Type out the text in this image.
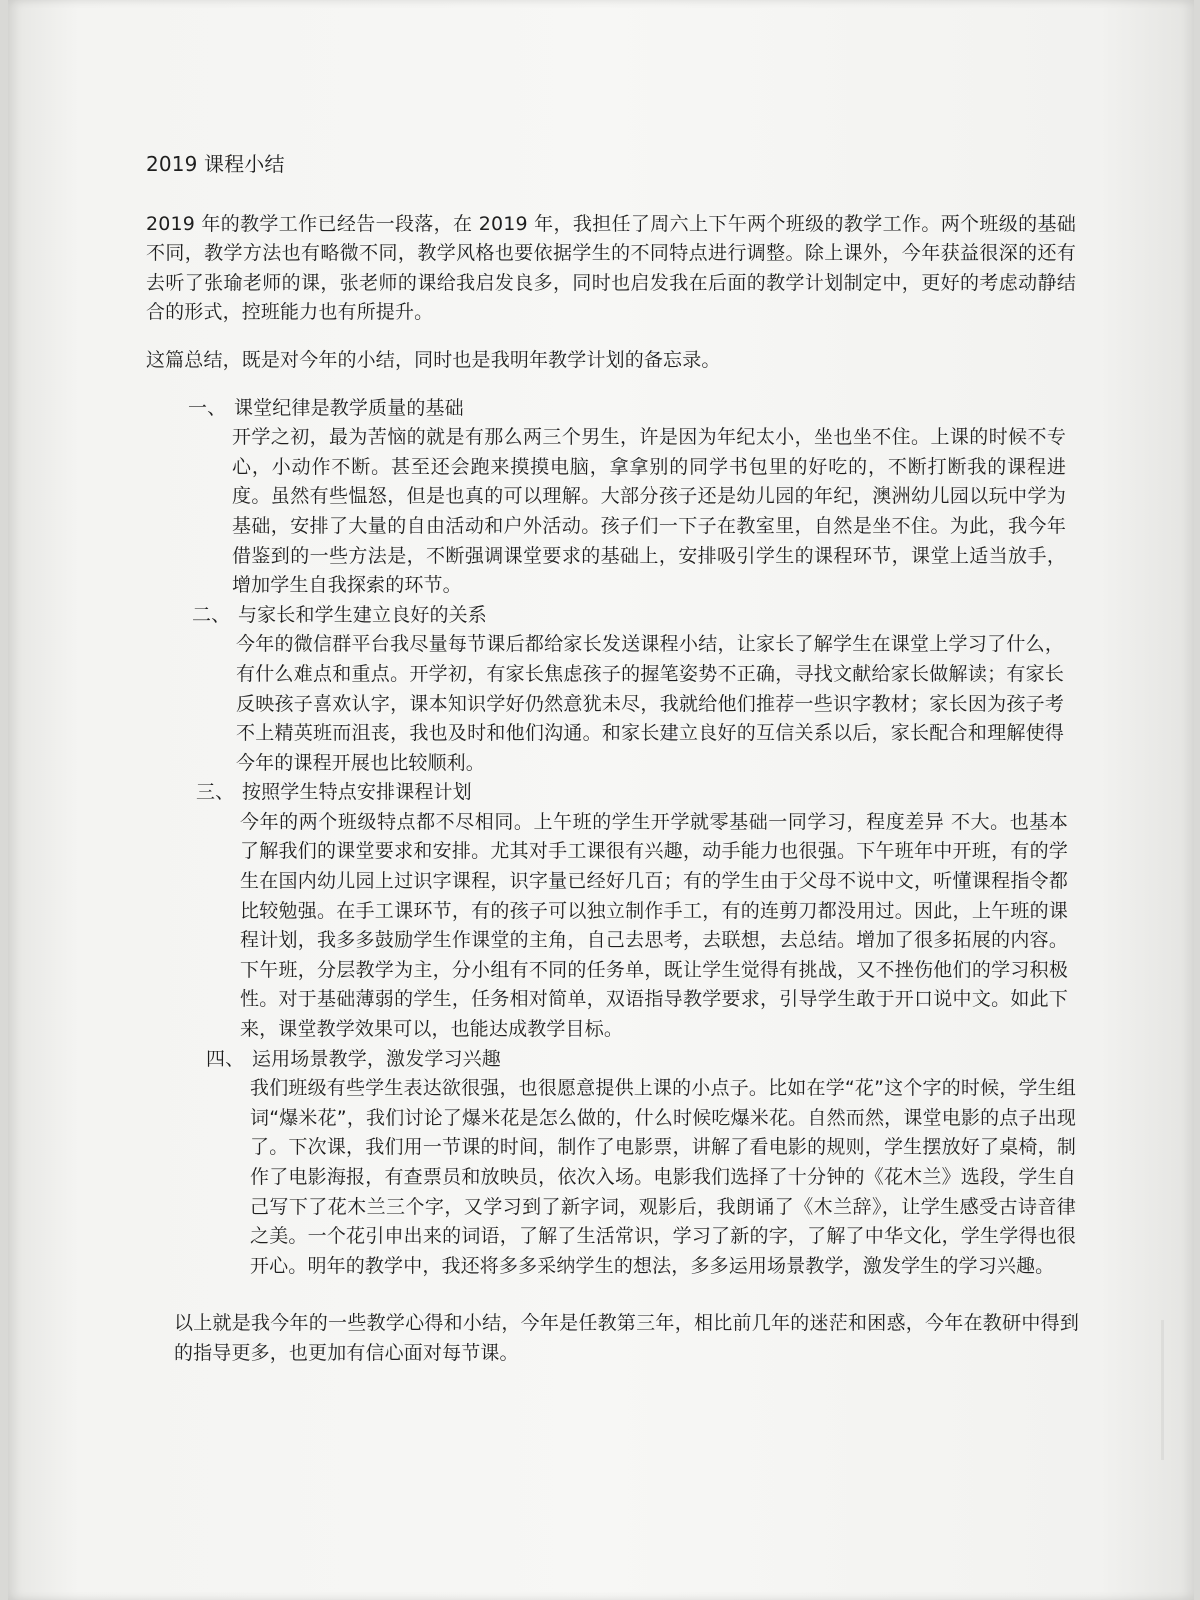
2019 课程小结

2019 年的教学工作已经告一段落，在 2019 年，我担任了周六上下午两个班级的教学工作。两个班级的基础不同，教学方法也有略微不同，教学风格也要依据学生的不同特点进行调整。除上课外，今年获益很深的还有去听了张瑜老师的课，张老师的课给我启发良多，同时也启发我在后面的教学计划制定中，更好的考虑动静结合的形式，控班能力也有所提升。

这篇总结，既是对今年的小结，同时也是我明年教学计划的备忘录。

一、 课堂纪律是教学质量的基础
开学之初，最为苦恼的就是有那么两三个男生，许是因为年纪太小，坐也坐不住。上课的时候不专心，小动作不断。甚至还会跑来摸摸电脑，拿拿别的同学书包里的好吃的，不断打断我的课程进度。虽然有些愠怒，但是也真的可以理解。大部分孩子还是幼儿园的年纪，澳洲幼儿园以玩中学为基础，安排了大量的自由活动和户外活动。孩子们一下子在教室里，自然是坐不住。为此，我今年借鉴到的一些方法是，不断强调课堂要求的基础上，安排吸引学生的课程环节，课堂上适当放手，增加学生自我探索的环节。
二、 与家长和学生建立良好的关系
今年的微信群平台我尽量每节课后都给家长发送课程小结，让家长了解学生在课堂上学习了什么，有什么难点和重点。开学初，有家长焦虑孩子的握笔姿势不正确，寻找文献给家长做解读；有家长反映孩子喜欢认字，课本知识学好仍然意犹未尽，我就给他们推荐一些识字教材；家长因为孩子考不上精英班而沮丧，我也及时和他们沟通。和家长建立良好的互信关系以后，家长配合和理解使得今年的课程开展也比较顺利。
三、 按照学生特点安排课程计划
今年的两个班级特点都不尽相同。上午班的学生开学就零基础一同学习，程度差异 不大。也基本了解我们的课堂要求和安排。尤其对手工课很有兴趣，动手能力也很强。下午班年中开班，有的学生在国内幼儿园上过识字课程，识字量已经好几百；有的学生由于父母不说中文，听懂课程指令都比较勉强。在手工课环节，有的孩子可以独立制作手工，有的连剪刀都没用过。因此，上午班的课程计划，我多多鼓励学生作课堂的主角，自己去思考，去联想，去总结。增加了很多拓展的内容。下午班，分层教学为主，分小组有不同的任务单，既让学生觉得有挑战，又不挫伤他们的学习积极性。对于基础薄弱的学生，任务相对简单，双语指导教学要求，引导学生敢于开口说中文。如此下来，课堂教学效果可以，也能达成教学目标。
四、 运用场景教学，激发学习兴趣
我们班级有些学生表达欲很强，也很愿意提供上课的小点子。比如在学“花”这个字的时候，学生组词“爆米花”，我们讨论了爆米花是怎么做的，什么时候吃爆米花。自然而然，课堂电影的点子出现了。下次课，我们用一节课的时间，制作了电影票，讲解了看电影的规则，学生摆放好了桌椅，制作了电影海报，有查票员和放映员，依次入场。电影我们选择了十分钟的《花木兰》选段，学生自己写下了花木兰三个字，又学习到了新字词，观影后，我朗诵了《木兰辞》，让学生感受古诗音律之美。一个花引申出来的词语，了解了生活常识，学习了新的字，了解了中华文化，学生学得也很开心。明年的教学中，我还将多多采纳学生的想法，多多运用场景教学，激发学生的学习兴趣。

以上就是我今年的一些教学心得和小结，今年是任教第三年，相比前几年的迷茫和困惑，今年在教研中得到的指导更多，也更加有信心面对每节课。
